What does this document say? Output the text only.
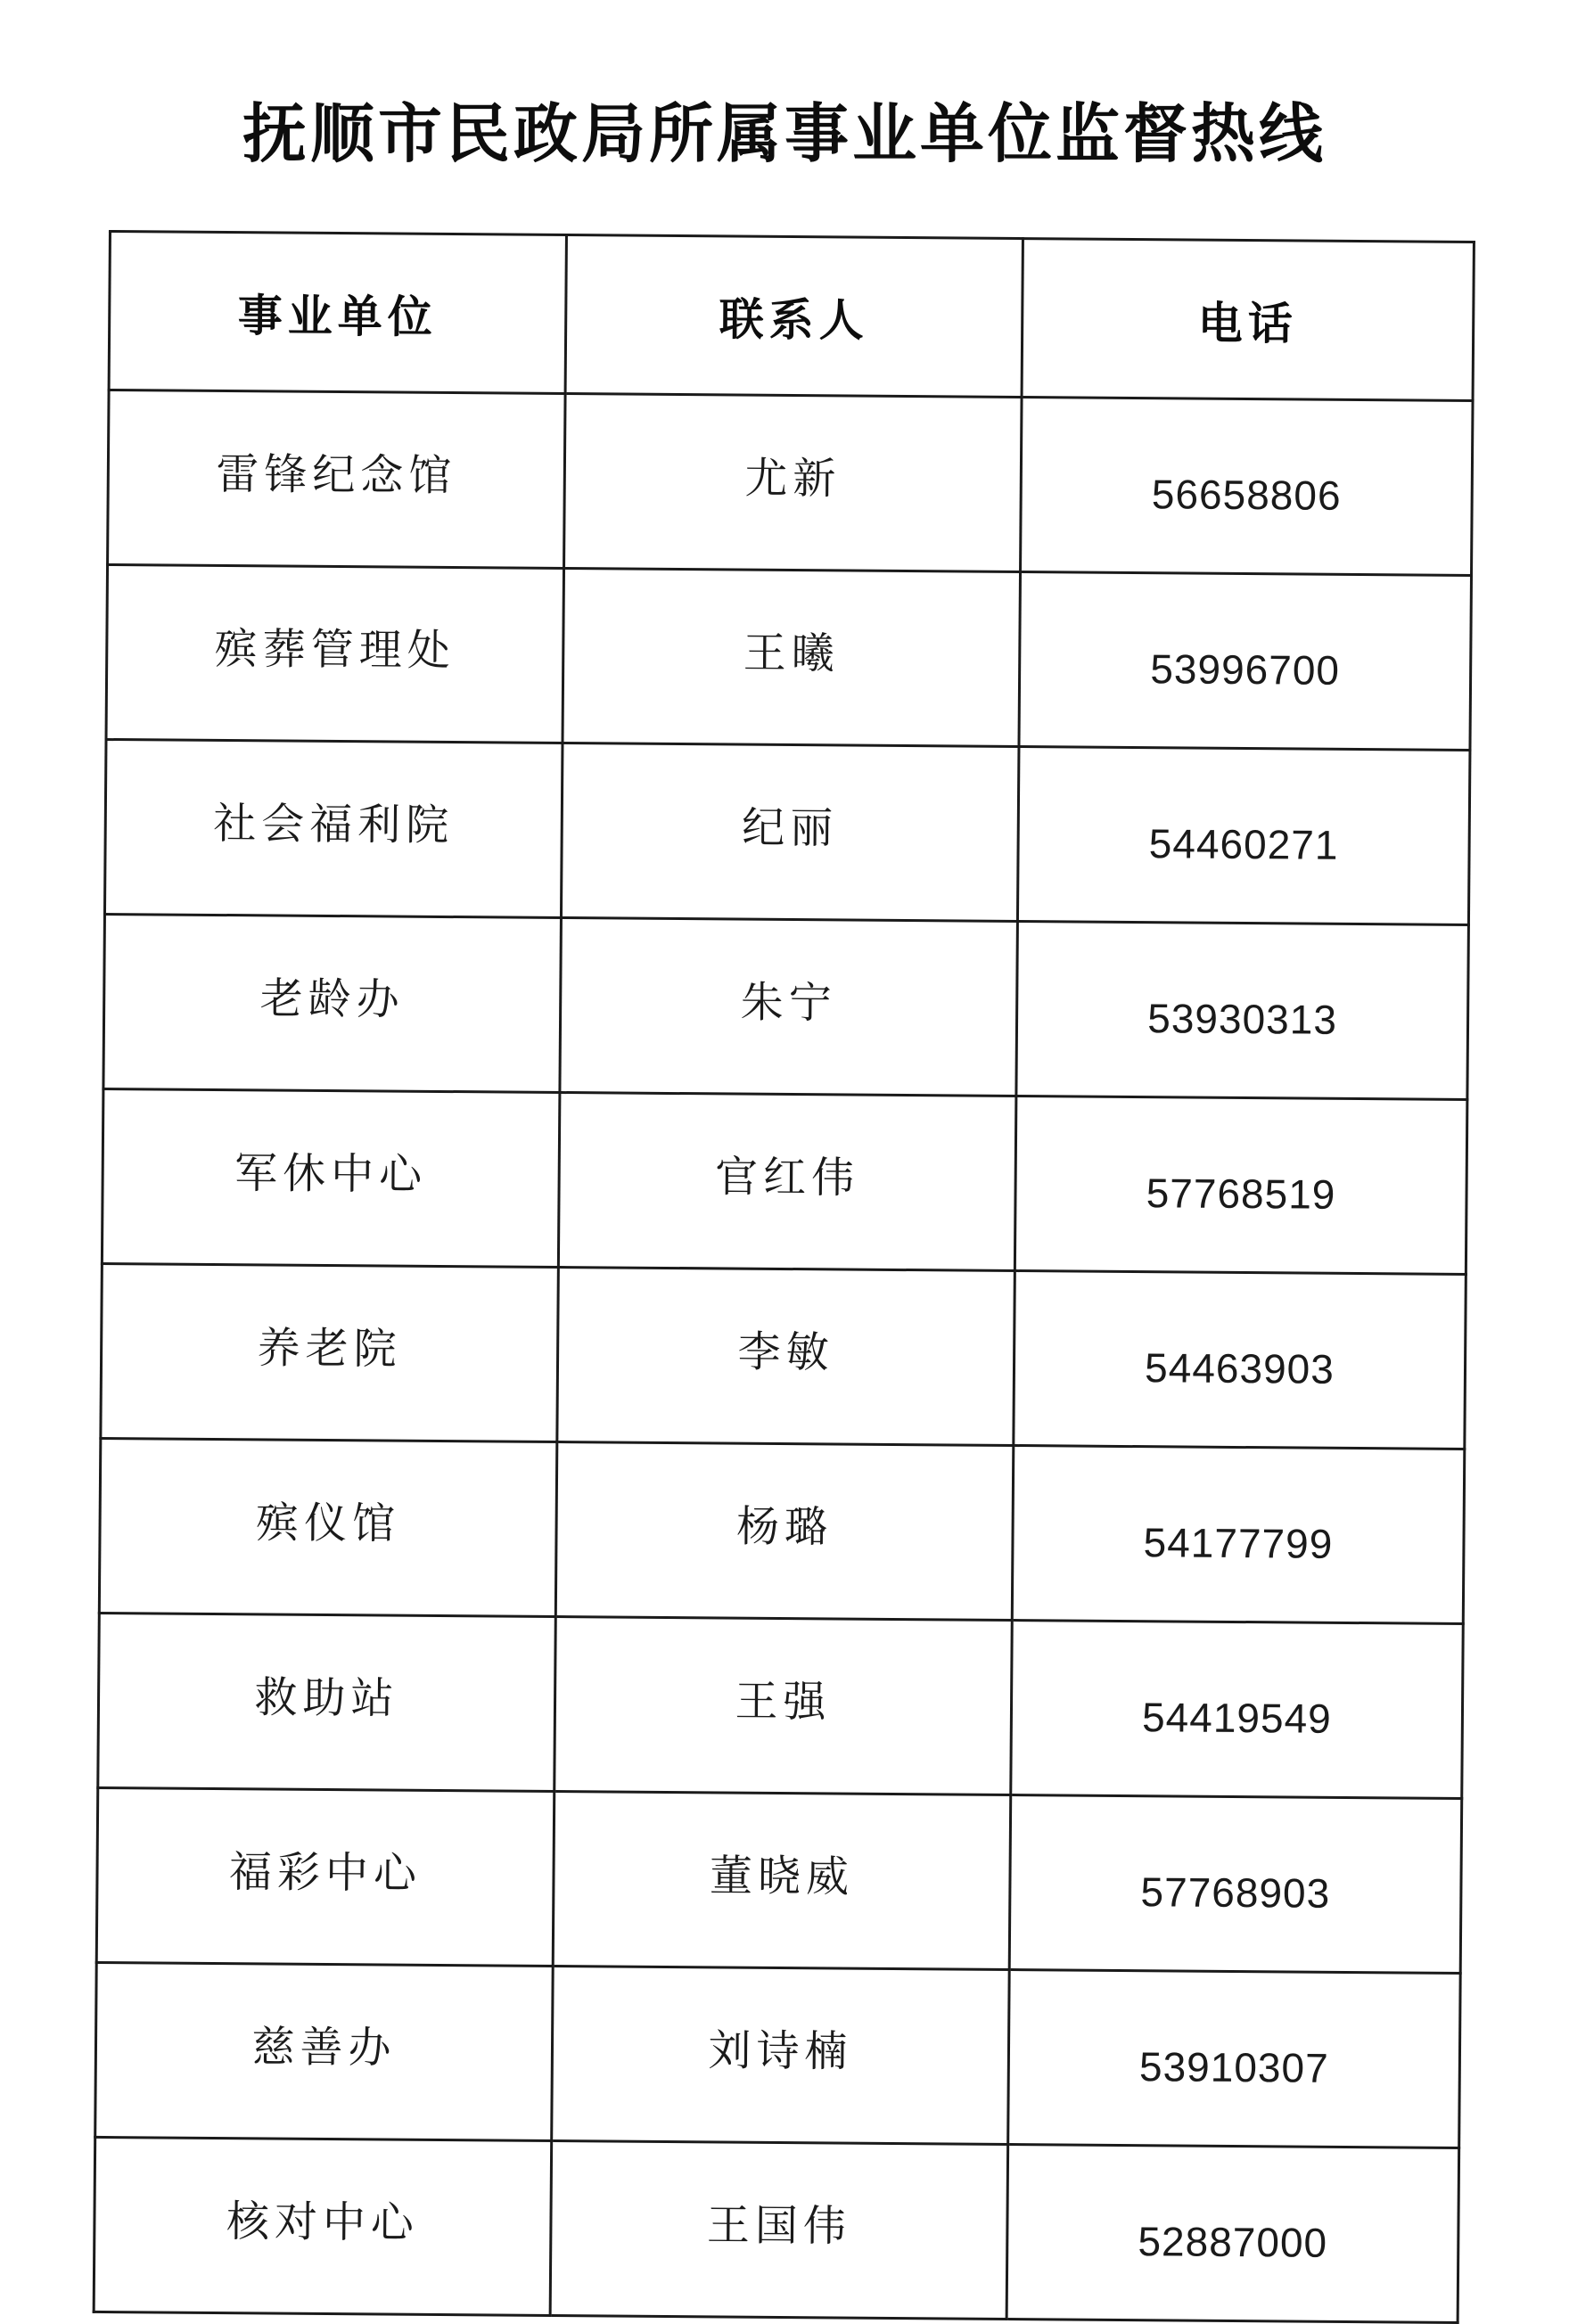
抚顺市民政局所属事业单位监督热线
事业单位	联系人	电话
雷锋纪念馆	尤新	56658806
殡葬管理处	王曦	53996700
社会福利院	纪丽	54460271
老龄办	朱宁	53930313
军休中心	官红伟	57768519
养老院	李敏	54463903
殡仪馆	杨璐	54177799
救助站	王强	54419549
福彩中心	董晓威	57768903
慈善办	刘诗楠	53910307
核对中心	王国伟	52887000
